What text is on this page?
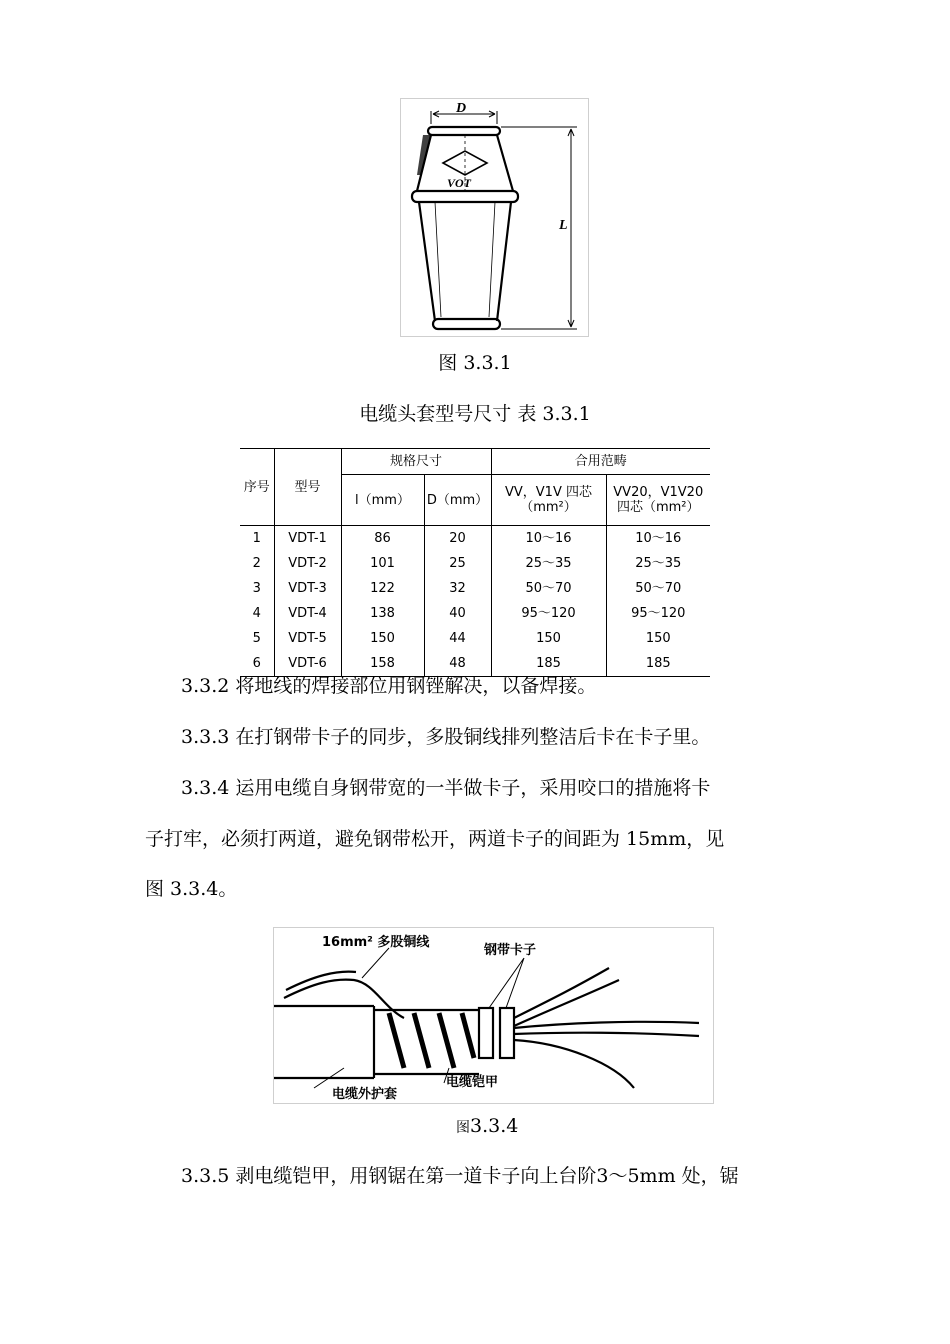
D
L
VOT
图 3.3.1
电缆头套型号尺寸 表 3.3.1
序号	型号	规格尺寸		合用范畴	
		l（mm）	D（mm）	VV，V1V 四芯（mm²）	VV20，V1V20 四芯（mm²）
1	VDT-1	86	20	10～16	10～16
2	VDT-2	101	25	25～35	25～35
3	VDT-3	122	32	50～70	50～70
4	VDT-4	138	40	95～120	95～120
5	VDT-5	150	44	150	150
6	VDT-6	158	48	185	185
3.3.2 将地线的焊接部位用钢锉解决，以备焊接。
3.3.3 在打钢带卡子的同步，多股铜线排列整洁后卡在卡子里。
3.3.4 运用电缆自身钢带宽的一半做卡子，采用咬口的措施将卡
子打牢，必须打两道，避免钢带松开，两道卡子的间距为 15mm，见
图 3.3.4。
16mm² 多股铜线
钢带卡子
电缆外护套
电缆铠甲
图3.3.4
3.3.5 剥电缆铠甲，用钢锯在第一道卡子向上台阶3～5mm 处，锯
